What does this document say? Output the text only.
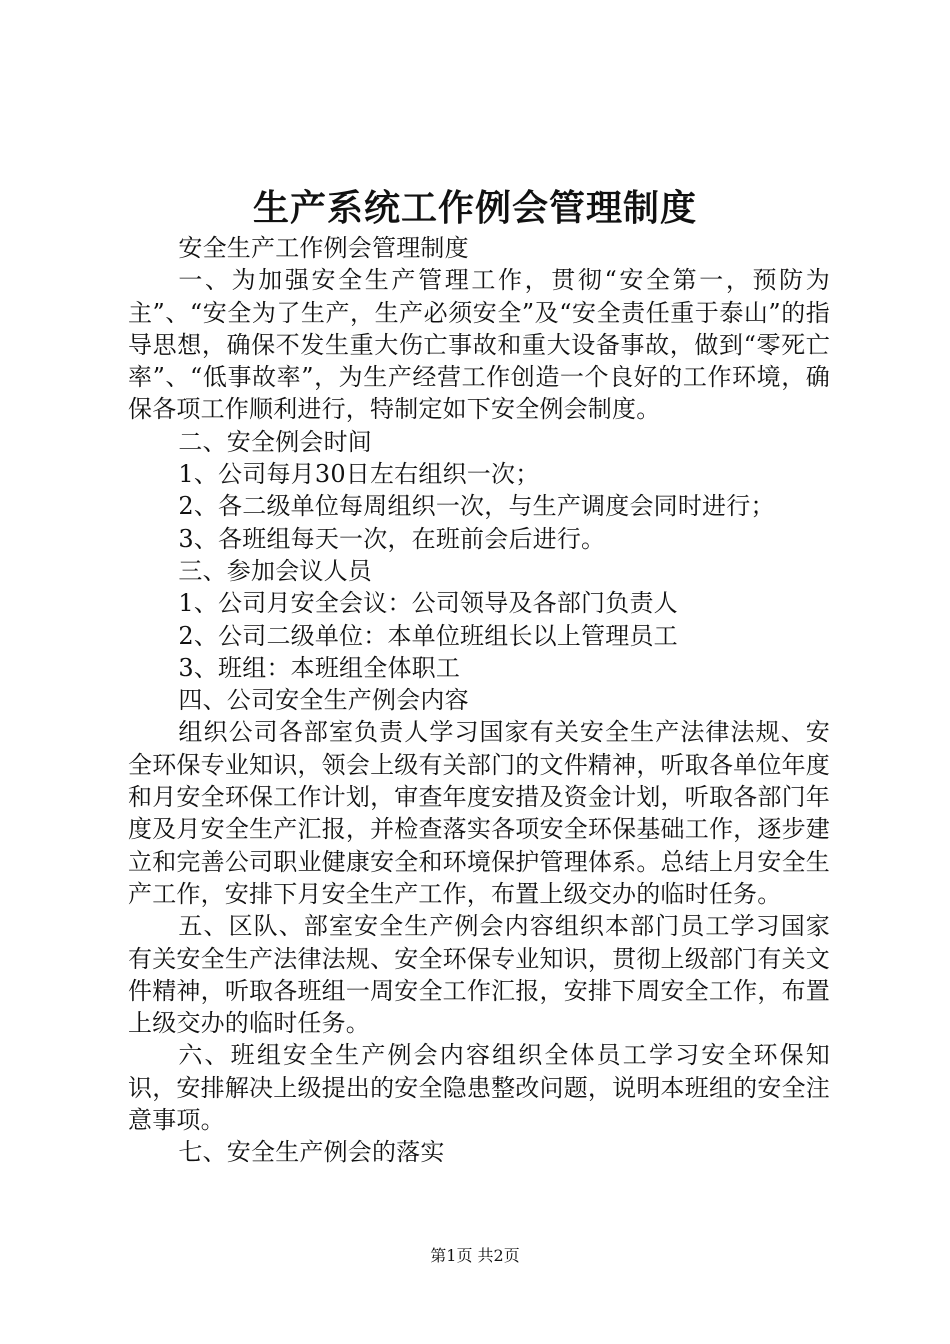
生产系统工作例会管理制度

安全生产工作例会管理制度

一、为加强安全生产管理工作，贯彻“安全第一，预防为主”、“安全为了生产，生产必须安全”及“安全责任重于泰山”的指导思想，确保不发生重大伤亡事故和重大设备事故，做到“零死亡率”、“低事故率”，为生产经营工作创造一个良好的工作环境，确保各项工作顺利进行，特制定如下安全例会制度。

二、安全例会时间

1、公司每月30日左右组织一次；

2、各二级单位每周组织一次，与生产调度会同时进行；

3、各班组每天一次，在班前会后进行。

三、参加会议人员

1、公司月安全会议：公司领导及各部门负责人

2、公司二级单位：本单位班组长以上管理员工

3、班组：本班组全体职工

四、公司安全生产例会内容

组织公司各部室负责人学习国家有关安全生产法律法规、安全环保专业知识，领会上级有关部门的文件精神，听取各单位年度和月安全环保工作计划，审查年度安措及资金计划，听取各部门年度及月安全生产汇报，并检查落实各项安全环保基础工作，逐步建立和完善公司职业健康安全和环境保护管理体系。总结上月安全生产工作，安排下月安全生产工作，布置上级交办的临时任务。

五、区队、部室安全生产例会内容组织本部门员工学习国家有关安全生产法律法规、安全环保专业知识，贯彻上级部门有关文件精神，听取各班组一周安全工作汇报，安排下周安全工作，布置上级交办的临时任务。

六、班组安全生产例会内容组织全体员工学习安全环保知识，安排解决上级提出的安全隐患整改问题，说明本班组的安全注意事项。

七、安全生产例会的落实

第1页 共2页
